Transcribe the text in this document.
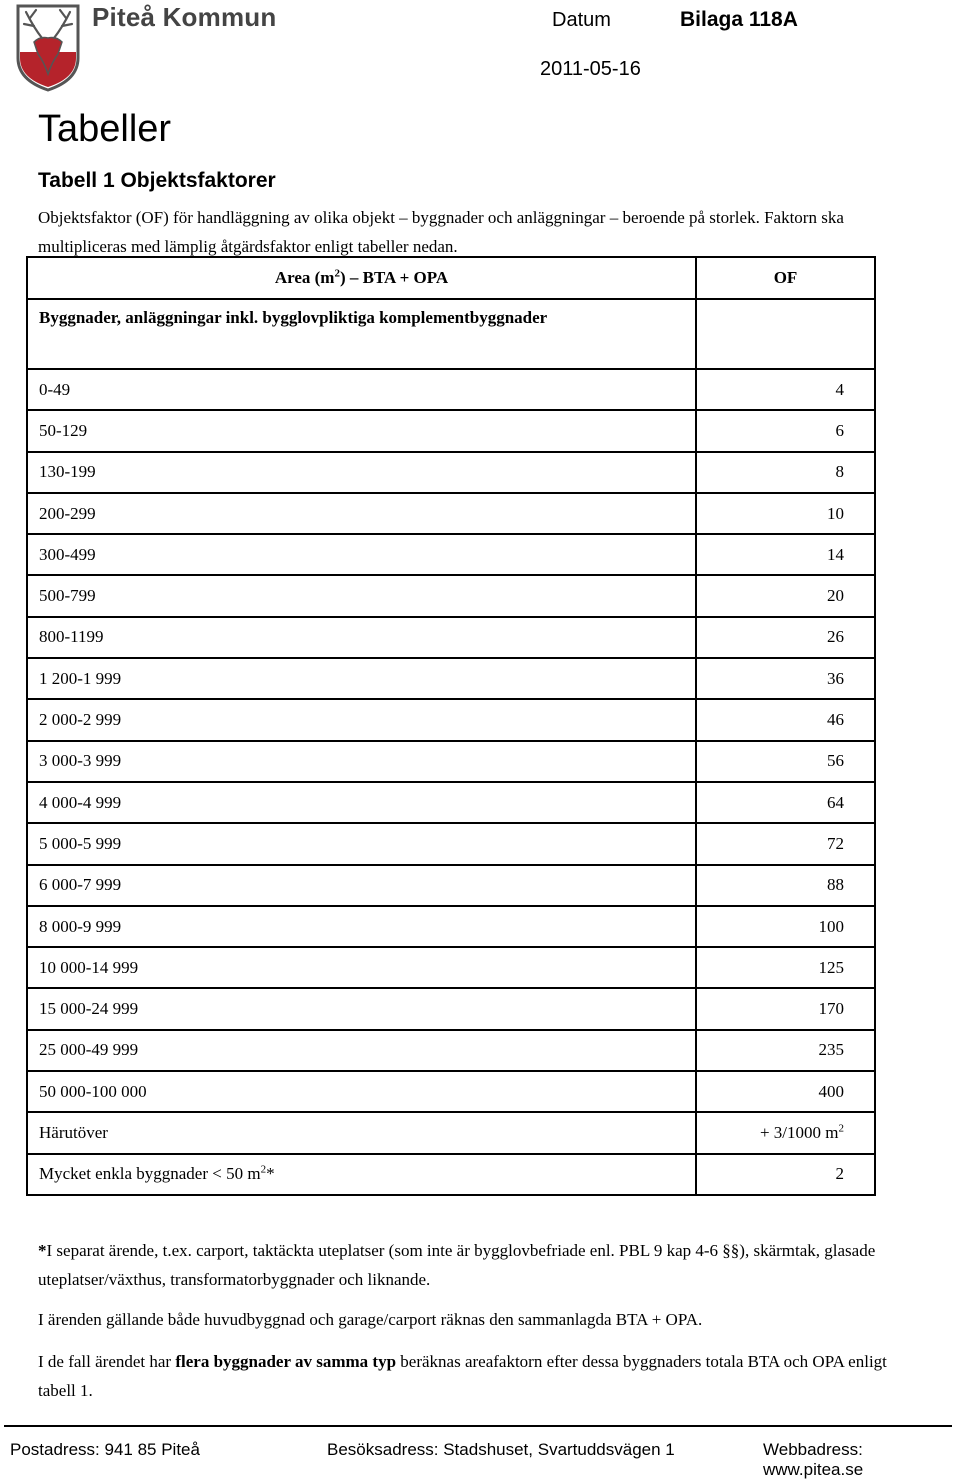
Piteå Kommun	Datum	Bilaga 118A
2011-05-16
Tabeller
Tabell 1 Objektsfaktorer
Objektsfaktor (OF) för handläggning av olika objekt – byggnader och anläggningar – beroende på storlek. Faktorn ska multipliceras med lämplig åtgärdsfaktor enligt tabeller nedan.
Area $(m^2)$ – BTA + OPA	OF
Byggnader, anläggningar inkl. bygglovpliktiga komplementbyggnader	
0-49	4
50-129	6
130-199	8
200-299	10
300-499	14
500-799	20
800-1199	26
1 200-1 999	36
2 000-2 999	46
3 000-3 999	56
4 000-4 999	64
5 000-5 999	72
6 000-7 999	88
8 000-9 999	100
10 000-14 999	125
15 000-24 999	170
25 000-49 999	235
50 000-100 000	400
Härutöver	+ 3/1000 $m^2$
Mycket enkla byggnader < 50 $m^2*$	2
*I separat ärende, t.ex. carport, taktäckta uteplatser (som inte är bygglovbefriade enl. PBL 9 kap 4-6 §§), skärmtak, glasade uteplatser/växthus, transformatorbyggnader och liknande.
I ärenden gällande både huvudbyggnad och garage/carport räknas den sammanlagda BTA + OPA.
I de fall ärendet har flera byggnader av samma typ beräknas areafaktorn efter dessa byggnaders totala BTA och OPA enligt tabell 1.
Postadress: 941 85 Piteå	Besöksadress: Stadshuset, Svartuddsvägen 1	Webbadress: www.pitea.se
